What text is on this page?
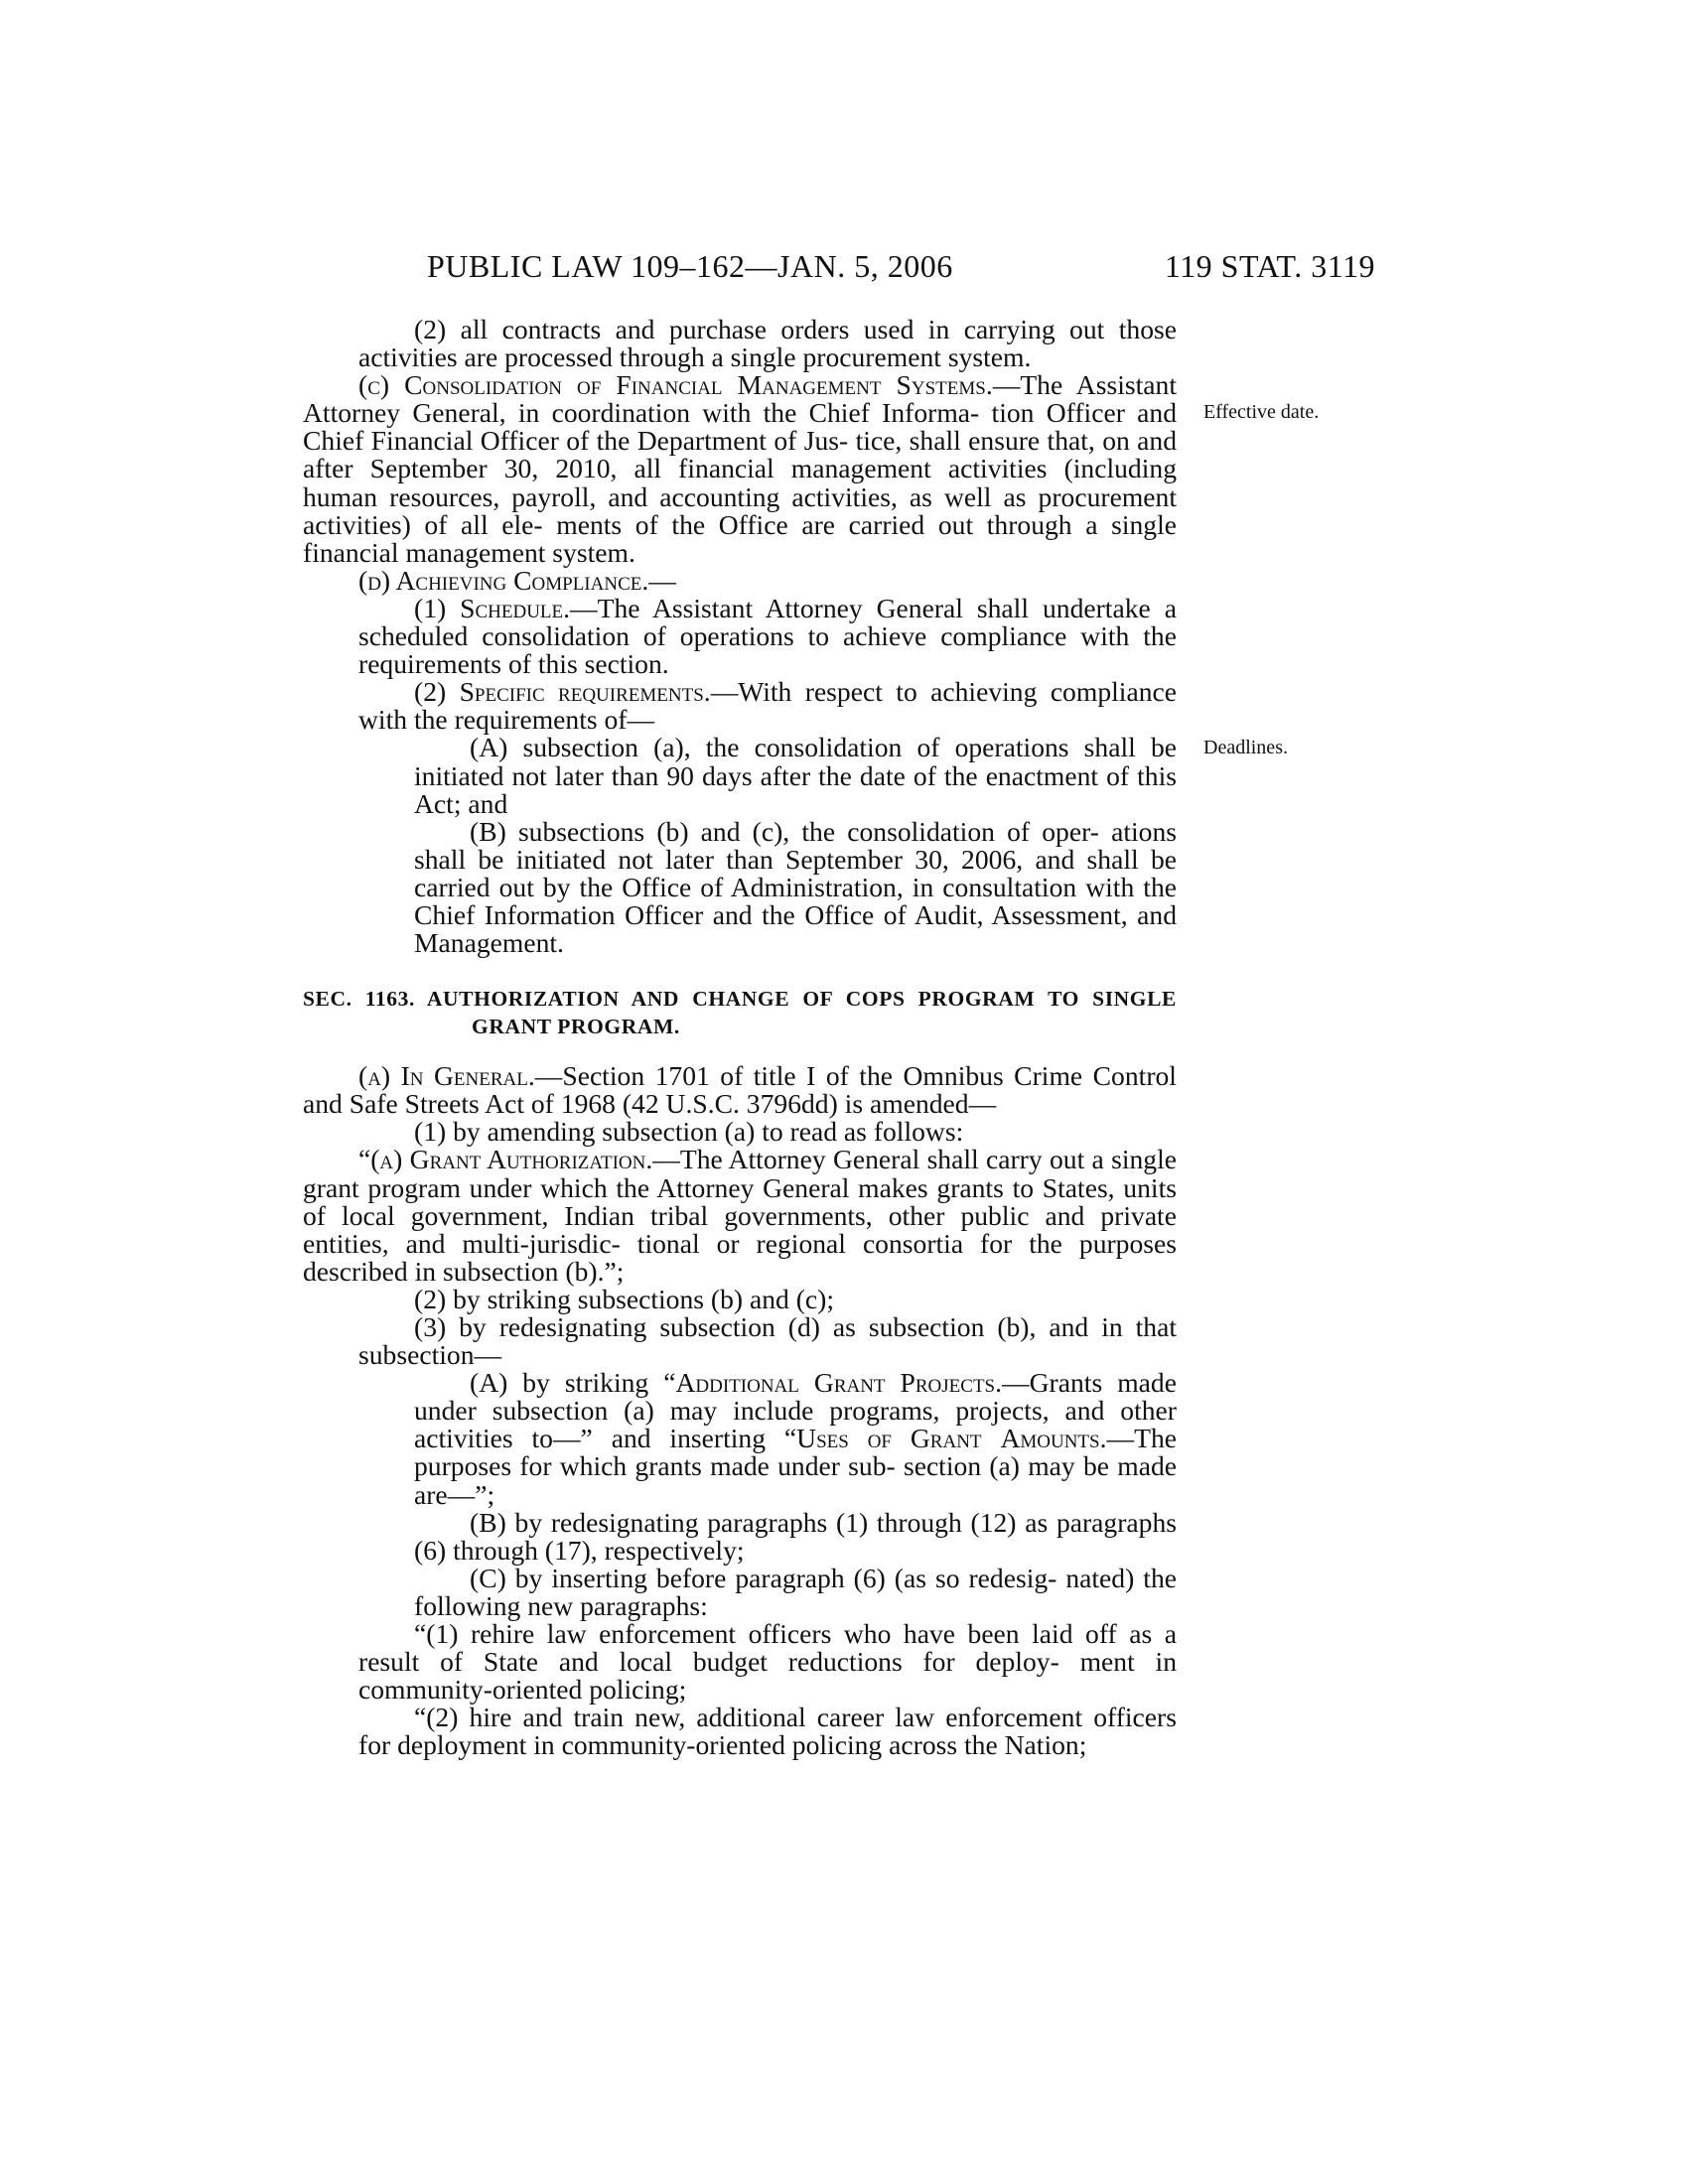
PUBLIC LAW 109–162—JAN. 5, 2006	119 STAT. 3119
Effective date.
Deadlines.

(2) all contracts and purchase orders used in carrying out those activities are processed through a single procurement system.

(c) Consolidation of Financial Management Systems.—The Assistant Attorney General, in coordination with the Chief Informa- tion Officer and Chief Financial Officer of the Department of Jus- tice, shall ensure that, on and after September 30, 2010, all financial management activities (including human resources, payroll, and accounting activities, as well as procurement activities) of all ele- ments of the Office are carried out through a single financial management system.

(d) Achieving Compliance.—

(1) Schedule.—The Assistant Attorney General shall undertake a scheduled consolidation of operations to achieve compliance with the requirements of this section.

(2) Specific requirements.—With respect to achieving compliance with the requirements of—

(A) subsection (a), the consolidation of operations shall be initiated not later than 90 days after the date of the enactment of this Act; and

(B) subsections (b) and (c), the consolidation of oper- ations shall be initiated not later than September 30, 2006, and shall be carried out by the Office of Administration, in consultation with the Chief Information Officer and the Office of Audit, Assessment, and Management.

SEC. 1163. AUTHORIZATION AND CHANGE OF COPS PROGRAM TO SINGLE GRANT PROGRAM.

(a) In General.—Section 1701 of title I of the Omnibus Crime Control and Safe Streets Act of 1968 (42 U.S.C. 3796dd) is amended—

(1) by amending subsection (a) to read as follows:

“(a) Grant Authorization.—The Attorney General shall carry out a single grant program under which the Attorney General makes grants to States, units of local government, Indian tribal governments, other public and private entities, and multi-jurisdic- tional or regional consortia for the purposes described in subsection (b).”;

(2) by striking subsections (b) and (c);

(3) by redesignating subsection (d) as subsection (b), and in that subsection—

(A) by striking “Additional Grant Projects.—Grants made under subsection (a) may include programs, projects, and other activities to—” and inserting “Uses of Grant Amounts.—The purposes for which grants made under sub- section (a) may be made are—”;

(B) by redesignating paragraphs (1) through (12) as paragraphs (6) through (17), respectively;

(C) by inserting before paragraph (6) (as so redesig- nated) the following new paragraphs:

“(1) rehire law enforcement officers who have been laid off as a result of State and local budget reductions for deploy- ment in community-oriented policing;

“(2) hire and train new, additional career law enforcement officers for deployment in community-oriented policing across the Nation;
